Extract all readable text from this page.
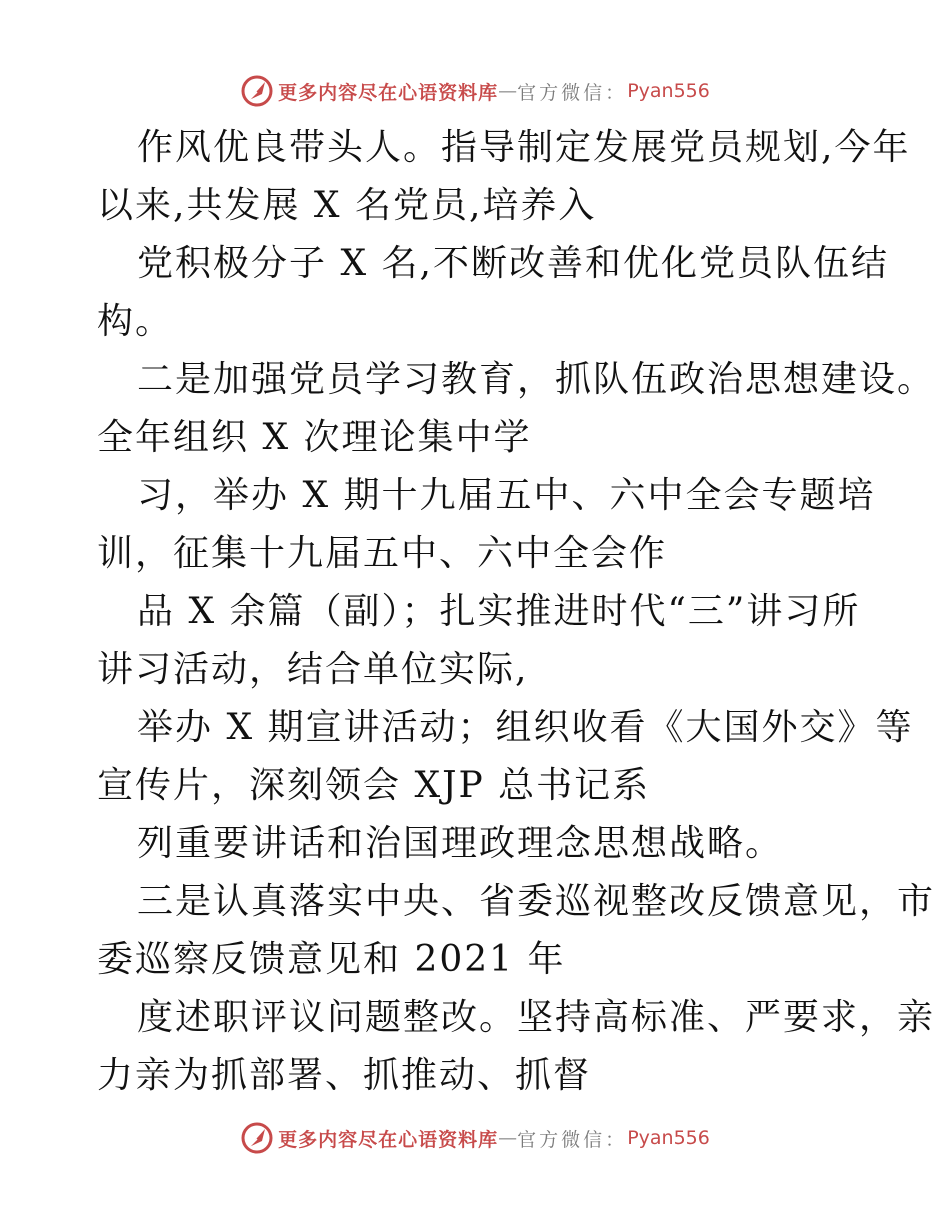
更多内容尽在心语资料库 — 官方微信： Pyan556
作风优良带头人。指导制定发展党员规划,今年
以来,共发展 X 名党员,培养入
党积极分子 X 名,不断改善和优化党员队伍结
构。
二是加强党员学习教育，抓队伍政治思想建设。
全年组织 X 次理论集中学
习，举办 X 期十九届五中、六中全会专题培
训，征集十九届五中、六中全会作
品 X 余篇（副）；扎实推进时代“三”讲习所
讲习活动，结合单位实际,
举办 X 期宣讲活动；组织收看《大国外交》等
宣传片，深刻领会 XJP 总书记系
列重要讲话和治国理政理念思想战略。
三是认真落实中央、省委巡视整改反馈意见，市
委巡察反馈意见和 2021 年
度述职评议问题整改。坚持高标准、严要求，亲
力亲为抓部署、抓推动、抓督
更多内容尽在心语资料库 — 官方微信： Pyan556
